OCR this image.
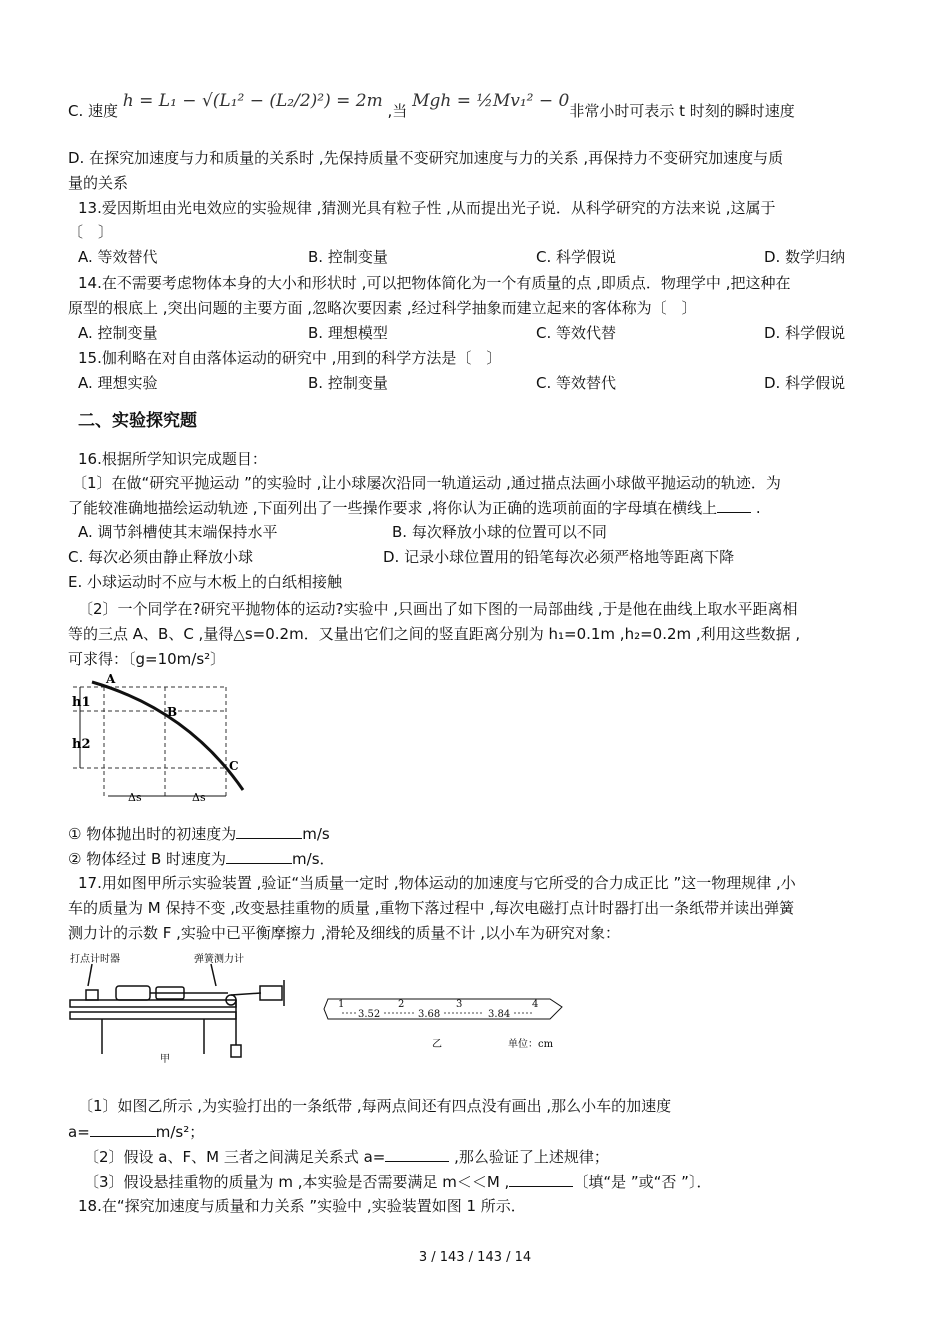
C. 速度 h = L₁ − √(L₁² − (L₂/2)²) = 2m ,当 Mgh = ½Mv₁² − 0非常小时可表示 t 时刻的瞬时速度
D. 在探究加速度与力和质量的关系时 ,先保持质量不变研究加速度与力的关系 ,再保持力不变研究加速度与质
量的关系
13.爱因斯坦由光电效应的实验规律 ,猜测光具有粒子性 ,从而提出光子说．从科学研究的方法来说 ,这属于
〔　〕
A. 等效替代	B. 控制变量	C. 科学假说	D. 数学归纳
14.在不需要考虑物体本身的大小和形状时 ,可以把物体简化为一个有质量的点 ,即质点．物理学中 ,把这种在
原型的根底上 ,突出问题的主要方面 ,忽略次要因素 ,经过科学抽象而建立起来的客体称为〔　〕
A. 控制变量	B. 理想模型	C. 等效代替	D. 科学假说
15.伽利略在对自由落体运动的研究中 ,用到的科学方法是〔　〕
A. 理想实验	B. 控制变量	C. 等效替代	D. 科学假说
二、实验探究题
16.根据所学知识完成题目：
〔1〕在做“研究平抛运动 ”的实验时 ,让小球屡次沿同一轨道运动 ,通过描点法画小球做平抛运动的轨迹．为
了能较准确地描绘运动轨迹 ,下面列出了一些操作要求 ,将你认为正确的选项前面的字母填在横线上 .
A. 调节斜槽使其末端保持水平	B. 每次释放小球的位置可以不同
C. 每次必须由静止释放小球	D. 记录小球位置用的铅笔每次必须严格地等距离下降
E. 小球运动时不应与木板上的白纸相接触
〔2〕一个同学在?研究平抛物体的运动?实验中 ,只画出了如下图的一局部曲线 ,于是他在曲线上取水平距离相
等的三点 A、B、C ,量得△s=0.2m．又量出它们之间的竖直距离分别为 h₁=0.1m ,h₂=0.2m ,利用这些数据 ,
可求得：〔g=10m/s²〕
A
B
C
h1
h2
Δs	Δs
① 物体抛出时的初速度为	m/s
② 物体经过 B 时速度为	m/s．
17.用如图甲所示实验装置 ,验证“当质量一定时 ,物体运动的加速度与它所受的合力成正比 ”这一物理规律 ,小
车的质量为 M 保持不变 ,改变悬挂重物的质量 ,重物下落过程中 ,每次电磁打点计时器打出一条纸带并读出弹簧
测力计的示数 F ,实验中已平衡摩擦力 ,滑轮及细线的质量不计 ,以小车为研究对象：
打点计时器	弹簧测力计
甲
1	2	3	4
3.52	3.68	3.84
乙	单位：cm
〔1〕如图乙所示 ,为实验打出的一条纸带 ,每两点间还有四点没有画出 ,那么小车的加速度
a=	m/s²；
〔2〕假设 a、F、M 三者之间满足关系式 a=	,那么验证了上述规律；
〔3〕假设悬挂重物的质量为 m ,本实验是否需要满足 m＜＜M ,	〔填“是 ”或“否 ”〕．
18.在“探究加速度与质量和力关系 ”实验中 ,实验装置如图 1 所示．
3 / 143 / 143 / 14
